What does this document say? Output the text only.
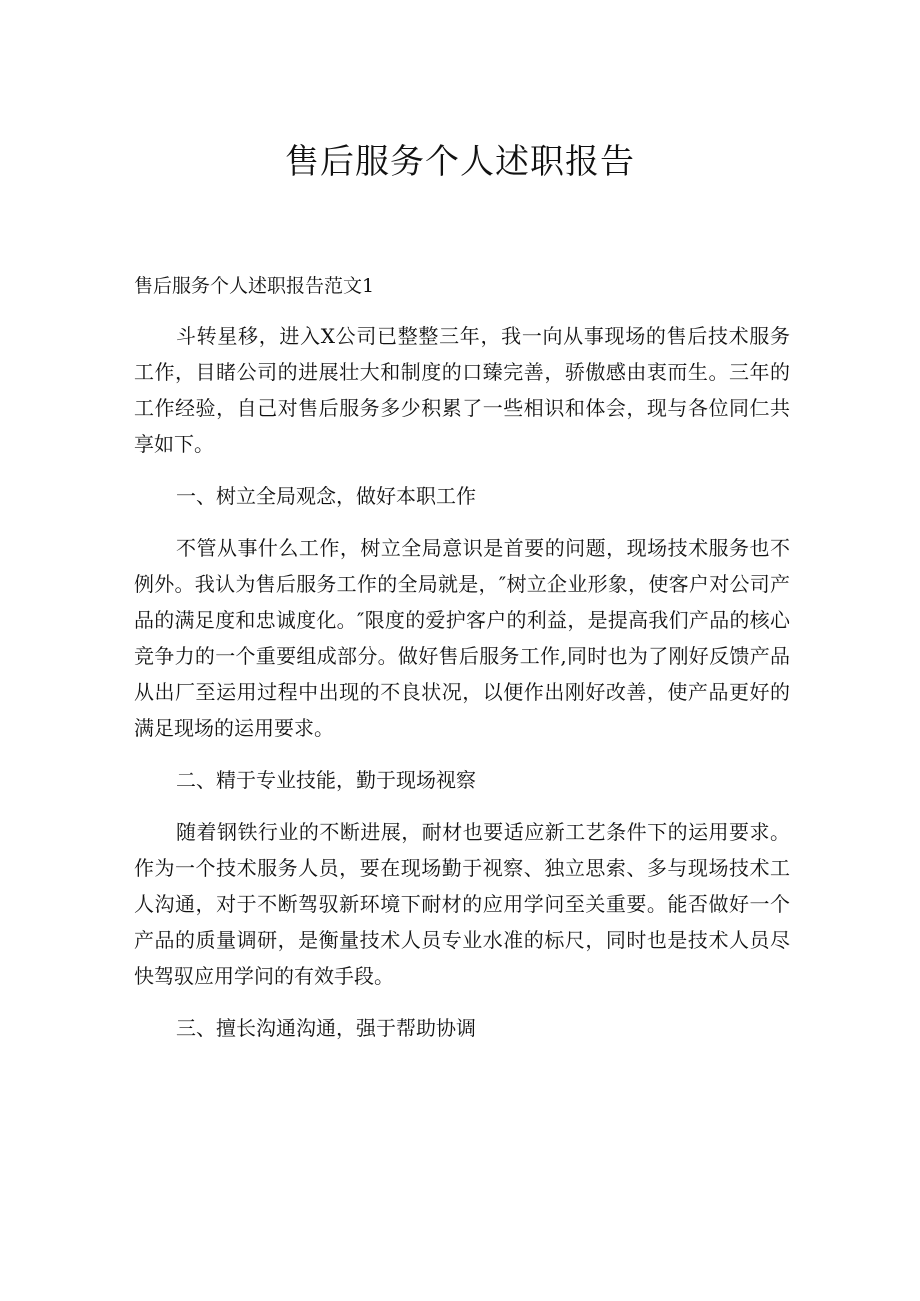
售后服务个人述职报告

售后服务个人述职报告范文1

斗转星移，进入X公司已整整三年，我一向从事现场的售后技术服务工作，目睹公司的进展壮大和制度的口臻完善，骄傲感由衷而生。三年的工作经验，自己对售后服务多少积累了一些相识和体会，现与各位同仁共享如下。

一、树立全局观念，做好本职工作

不管从事什么工作，树立全局意识是首要的问题，现场技术服务也不例外。我认为售后服务工作的全局就是，″树立企业形象，使客户对公司产品的满足度和忠诚度化。″限度的爱护客户的利益，是提高我们产品的核心竞争力的一个重要组成部分。做好售后服务工作,同时也为了刚好反馈产品从出厂至运用过程中出现的不良状况，以便作出刚好改善，使产品更好的满足现场的运用要求。

二、精于专业技能，勤于现场视察

随着钢铁行业的不断进展，耐材也要适应新工艺条件下的运用要求。作为一个技术服务人员，要在现场勤于视察、独立思索、多与现场技术工人沟通，对于不断驾驭新环境下耐材的应用学问至关重要。能否做好一个产品的质量调研，是衡量技术人员专业水准的标尺，同时也是技术人员尽快驾驭应用学问的有效手段。

三、擅长沟通沟通，强于帮助协调
